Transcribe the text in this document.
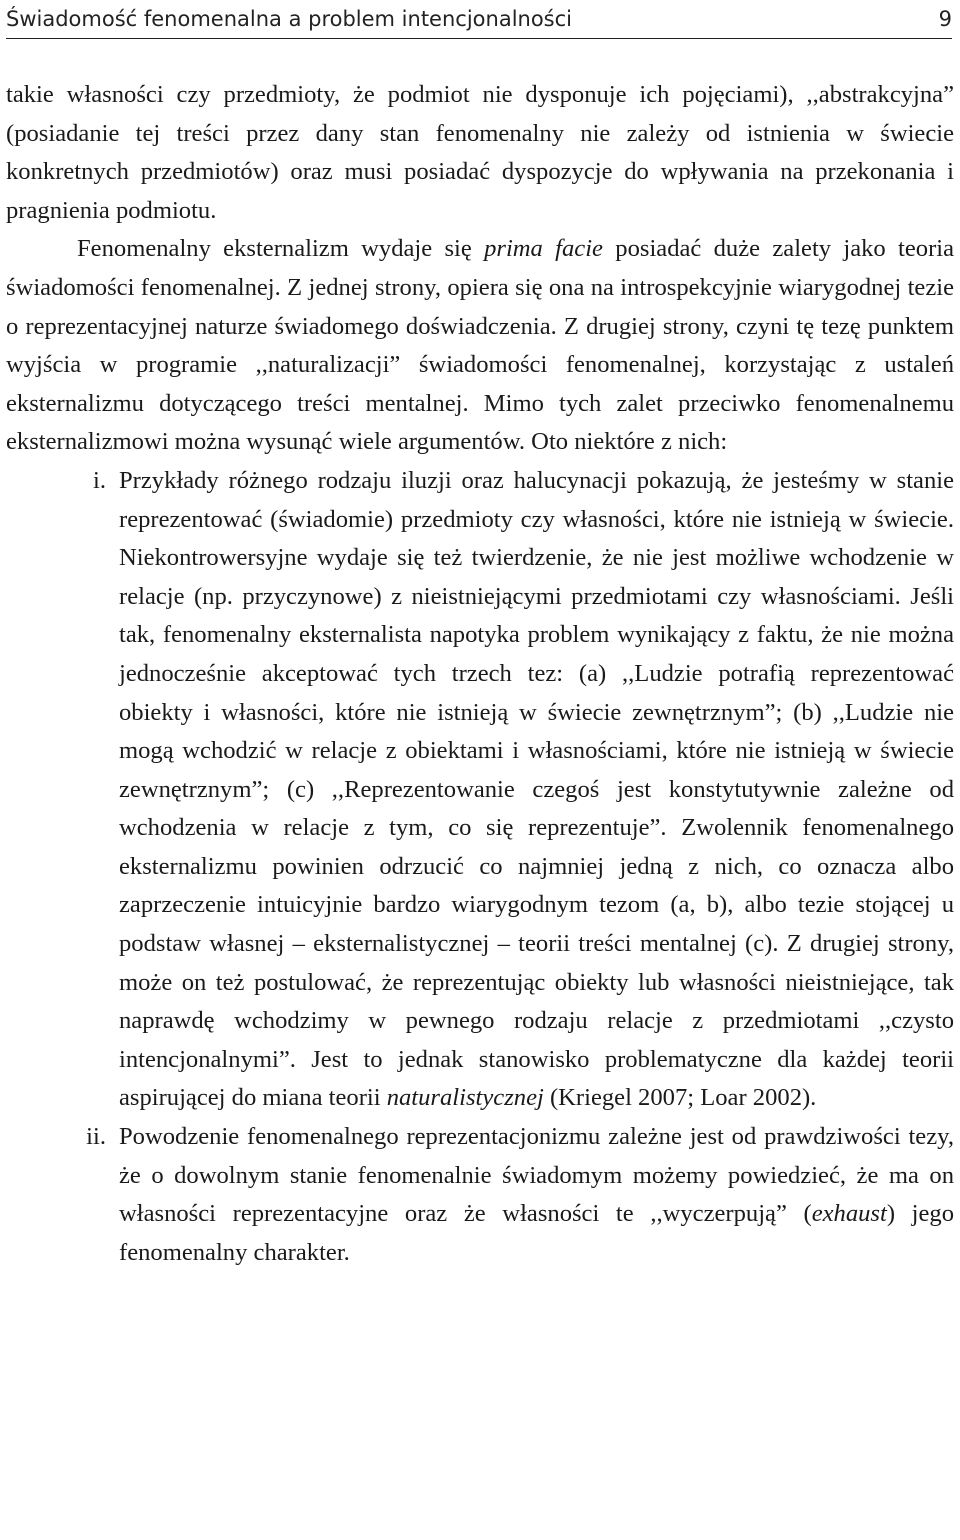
Świadomość fenomenalna a problem intencjonalności	9

takie własności czy przedmioty, że podmiot nie dysponuje ich pojęciami), ,,abstrakcyjna” (posiadanie tej treści przez dany stan fenomenalny nie zależy od istnienia w świecie konkretnych przedmiotów) oraz musi posiadać dyspozycje do wpływania na przekonania i pragnienia podmiotu.

Fenomenalny eksternalizm wydaje się prima facie posiadać duże zalety jako teoria świadomości fenomenalnej. Z jednej strony, opiera się ona na introspekcyjnie wiarygodnej tezie o reprezentacyjnej naturze świadomego doświadczenia. Z drugiej strony, czyni tę tezę punktem wyjścia w programie ,,naturalizacji” świadomości fenomenalnej, korzystając z ustaleń eksternalizmu dotyczącego treści mentalnej. Mimo tych zalet przeciwko fenomenalnemu eksternalizmowi można wysunąć wiele argumentów. Oto niektóre z nich:

i. Przykłady różnego rodzaju iluzji oraz halucynacji pokazują, że jesteśmy w stanie reprezentować (świadomie) przedmioty czy własności, które nie istnieją w świecie. Niekontrowersyjne wydaje się też twierdzenie, że nie jest możliwe wchodzenie w relacje (np. przyczynowe) z nieistniejącymi przedmiotami czy własnościami. Jeśli tak, fenomenalny eksternalista napotyka problem wynikający z faktu, że nie można jednocześnie akceptować tych trzech tez: (a) ,,Ludzie potrafią reprezentować obiekty i własności, które nie istnieją w świecie zewnętrznym”; (b) ,,Ludzie nie mogą wchodzić w relacje z obiektami i własnościami, które nie istnieją w świecie zewnętrznym”; (c) ,,Reprezentowanie czegoś jest konstytutywnie zależne od wchodzenia w relacje z tym, co się reprezentuje”. Zwolennik fenomenalnego eksternalizmu powinien odrzucić co najmniej jedną z nich, co oznacza albo zaprzeczenie intuicyjnie bardzo wiarygodnym tezom (a, b), albo tezie stojącej u podstaw własnej – eksternalistycznej – teorii treści mentalnej (c). Z drugiej strony, może on też postulować, że reprezentując obiekty lub własności nieistniejące, tak naprawdę wchodzimy w pewnego rodzaju relacje z przedmiotami ,,czysto intencjonalnymi”. Jest to jednak stanowisko problematyczne dla każdej teorii aspirującej do miana teorii naturalistycznej (Kriegel 2007; Loar 2002).
ii. Powodzenie fenomenalnego reprezentacjonizmu zależne jest od prawdziwości tezy, że o dowolnym stanie fenomenalnie świadomym możemy powiedzieć, że ma on własności reprezentacyjne oraz że własności te ,,wyczerpują” (exhaust) jego fenomenalny charakter.
